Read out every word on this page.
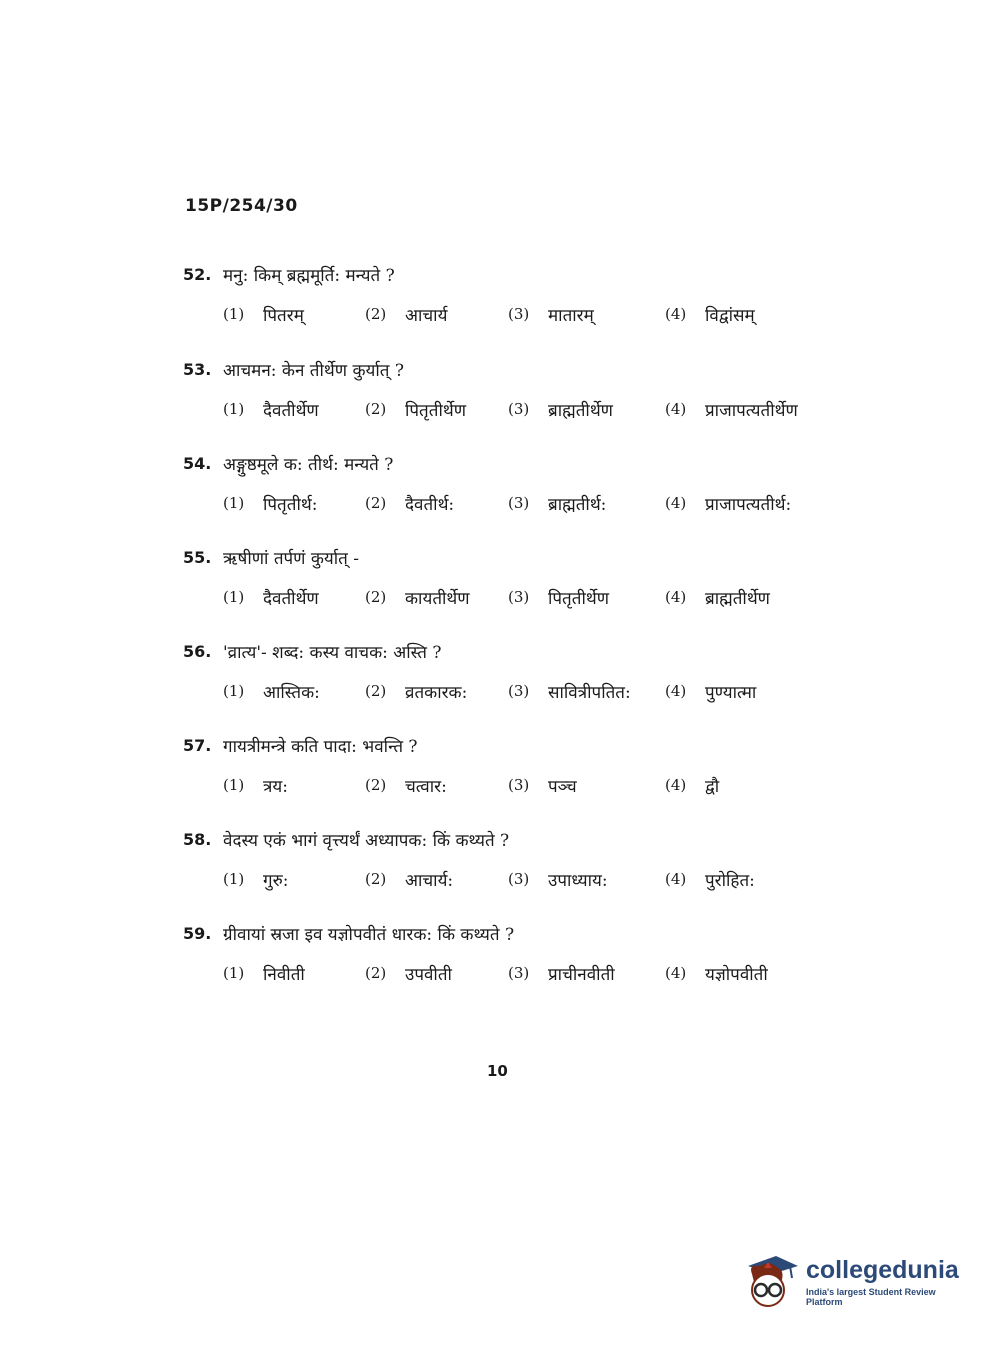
15P/254/30
52. मनु: किम् ब्रह्ममूर्ति: मन्यते ?
(1)	पितरम्	(2)	आचार्य	(3)	मातारम्	(4)	विद्वांसम्
53. आचमन: केन तीर्थेण कुर्यात् ?
(1)	दैवतीर्थेण	(2)	पितृतीर्थेण	(3)	ब्राह्मतीर्थेण	(4)	प्राजापत्यतीर्थेण
54. अङ्गुष्ठमूले क: तीर्थ: मन्यते ?
(1)	पितृतीर्थ:	(2)	दैवतीर्थ:	(3)	ब्राह्मतीर्थ:	(4)	प्राजापत्यतीर्थ:
55. ऋषीणां तर्पणं कुर्यात् -
(1)	दैवतीर्थेण	(2)	कायतीर्थेण	(3)	पितृतीर्थेण	(4)	ब्राह्मतीर्थेण
56. 'व्रात्य'- शब्द: कस्य वाचक: अस्ति ?
(1)	आस्तिक:	(2)	व्रतकारक:	(3)	सावित्रीपतित: (4)	पुण्यात्मा
57. गायत्रीमन्त्रे कति पादा: भवन्ति ?
(1)	त्रय:	(2)	चत्वार:	(3)	पञ्च	(4)	द्वौ
58. वेदस्य एकं भागं वृत्त्यर्थं अध्यापक: किं कथ्यते ?
(1)	गुरु:	(2)	आचार्य:	(3)	उपाध्याय:	(4)	पुरोहित:
59. ग्रीवायां स्रजा इव यज्ञोपवीतं धारक: किं कथ्यते ?
(1)	निवीती	(2)	उपवीती	(3)	प्राचीनवीती	(4)	यज्ञोपवीती
10
collegedunia
India's largest Student Review Platform
